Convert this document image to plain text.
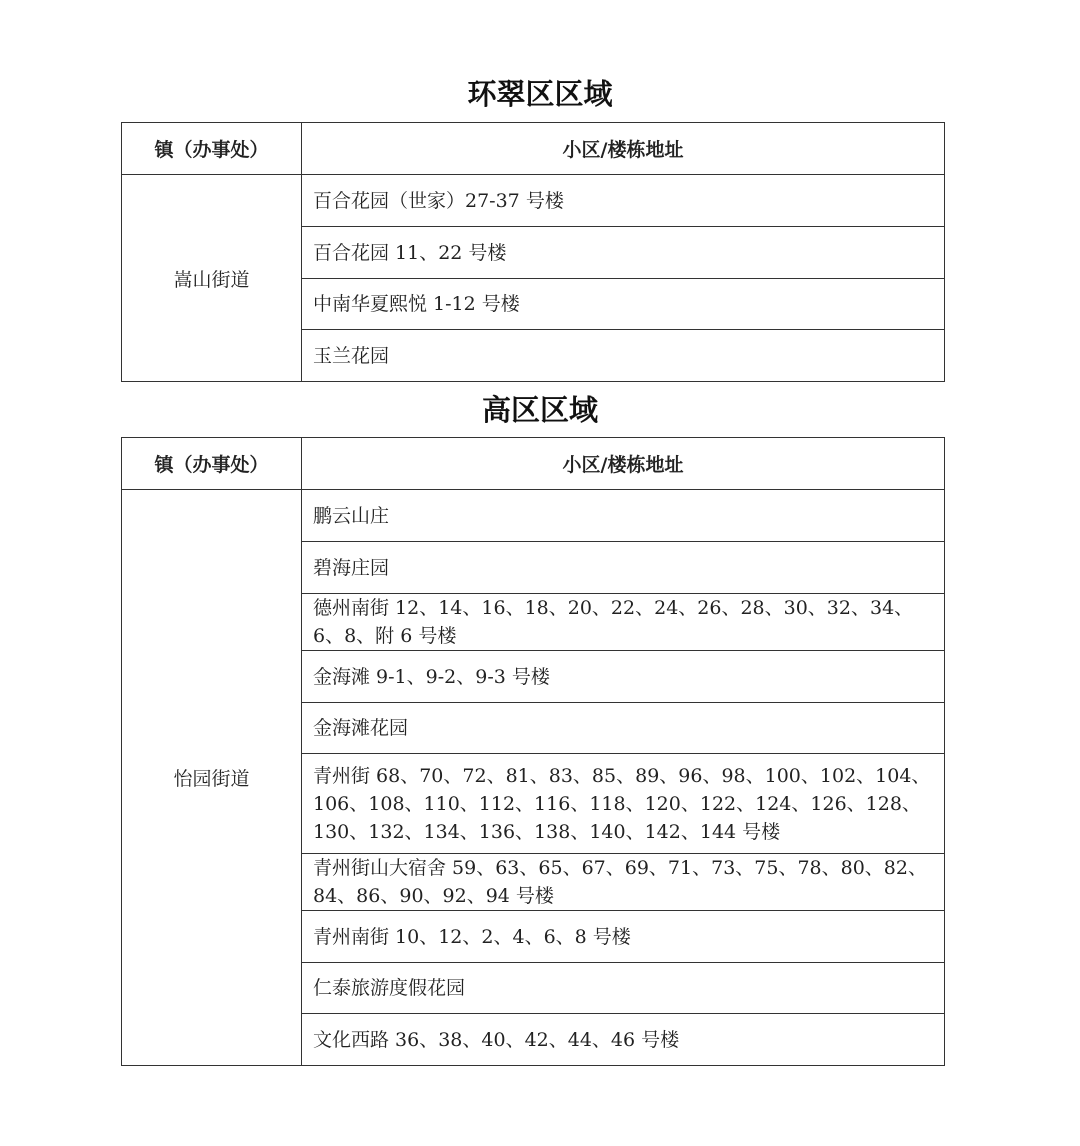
环翠区区域
镇（办事处）	小区/楼栋地址
嵩山街道	百合花园（世家）27-37 号楼
	百合花园 11、22 号楼
	中南华夏熙悦 1-12 号楼
	玉兰花园
高区区域
镇（办事处）	小区/楼栋地址
怡园街道	鹏云山庄
	碧海庄园
	德州南街 12、14、16、18、20、22、24、26、28、30、32、34、6、8、附 6 号楼
	金海滩 9-1、9-2、9-3 号楼
	金海滩花园
	青州街 68、70、72、81、83、85、89、96、98、100、102、104、106、108、110、112、116、118、120、122、124、126、128、130、132、134、136、138、140、142、144 号楼
	青州街山大宿舍 59、63、65、67、69、71、73、75、78、80、82、84、86、90、92、94 号楼
	青州南街 10、12、2、4、6、8 号楼
	仁泰旅游度假花园
	文化西路 36、38、40、42、44、46 号楼
